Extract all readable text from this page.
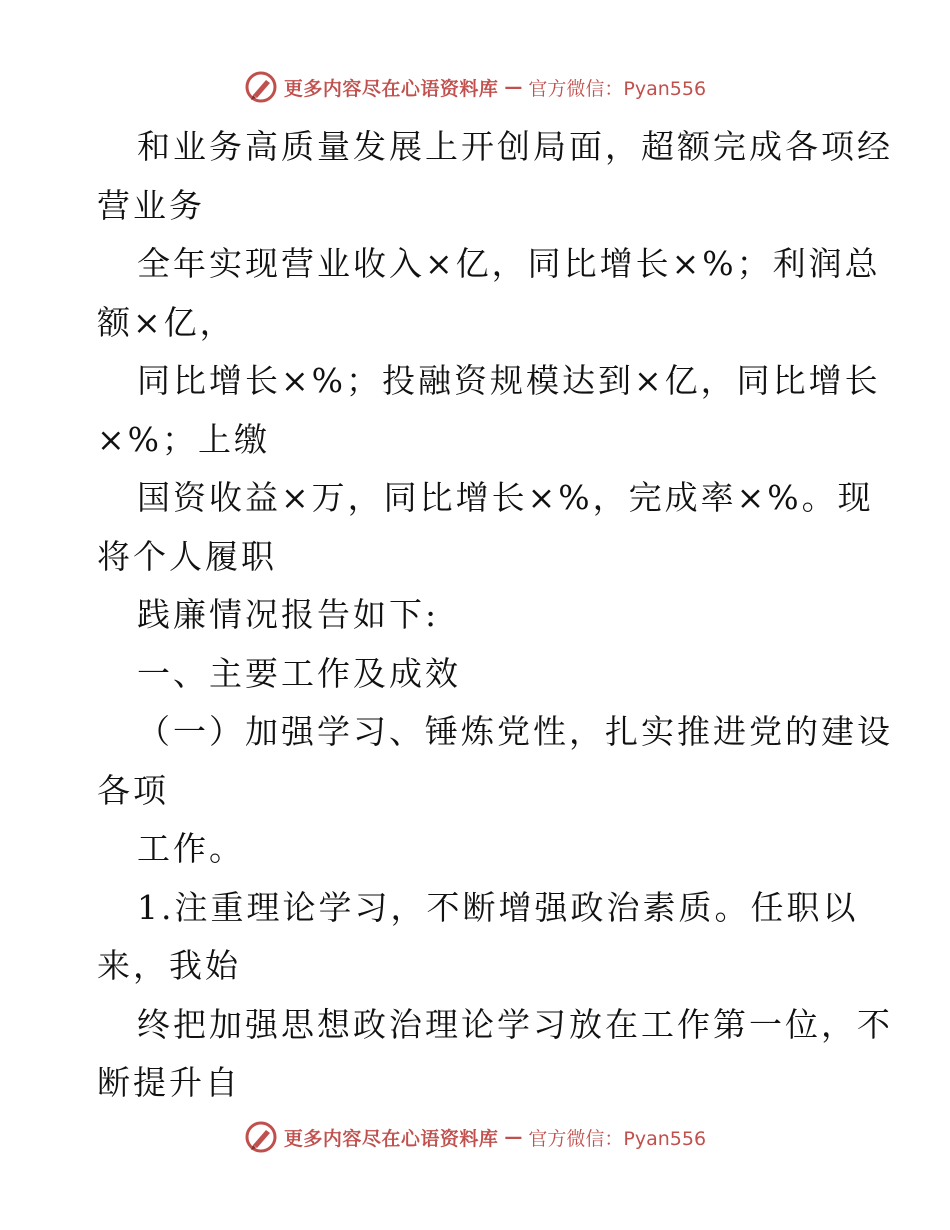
更多内容尽在心语资料库 — 官方微信：Pyan556
和业务高质量发展上开创局面，超额完成各项经
营业务
全年实现营业收入×亿，同比增长×%；利润总
额×亿，
同比增长×%；投融资规模达到×亿，同比增长
×%；上缴
国资收益×万，同比增长×%，完成率×%。现
将个人履职
践廉情况报告如下:
一、主要工作及成效
（一）加强学习、锤炼党性，扎实推进党的建设
各项
工作。
1.注重理论学习，不断增强政治素质。任职以
来，我始
终把加强思想政治理论学习放在工作第一位，不
断提升自
更多内容尽在心语资料库 — 官方微信：Pyan556
